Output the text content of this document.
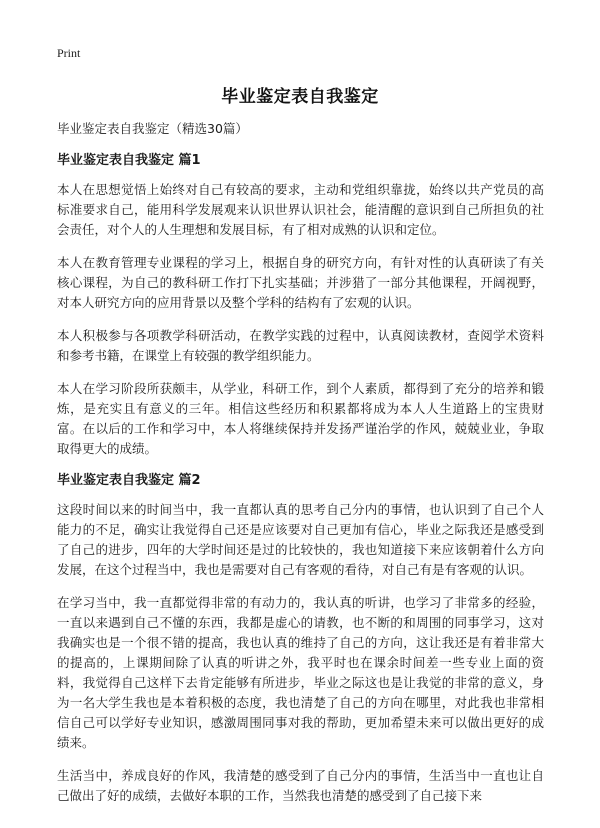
Print
毕业鉴定表自我鉴定
毕业鉴定表自我鉴定（精选30篇）
毕业鉴定表自我鉴定 篇1

本人在思想觉悟上始终对自己有较高的要求，主动和党组织靠拢，始终以共产党员的高标准要求自己，能用科学发展观来认识世界认识社会，能清醒的意识到自己所担负的社会责任，对个人的人生理想和发展目标，有了相对成熟的认识和定位。

本人在教育管理专业课程的学习上，根据自身的研究方向，有针对性的认真研读了有关核心课程，为自己的教科研工作打下扎实基础；并涉猎了一部分其他课程，开阔视野，对本人研究方向的应用背景以及整个学科的结构有了宏观的认识。

本人积极参与各项教学科研活动，在教学实践的过程中，认真阅读教材，查阅学术资料和参考书籍，在课堂上有较强的教学组织能力。

本人在学习阶段所获颇丰，从学业，科研工作，到个人素质，都得到了充分的培养和锻炼，是充实且有意义的三年。相信这些经历和积累都将成为本人人生道路上的宝贵财富。在以后的工作和学习中，本人将继续保持并发扬严谨治学的作风，兢兢业业，争取取得更大的成绩。

毕业鉴定表自我鉴定 篇2

这段时间以来的时间当中，我一直都认真的思考自己分内的事情，也认识到了自己个人能力的不足，确实让我觉得自己还是应该要对自己更加有信心，毕业之际我还是感受到了自己的进步，四年的大学时间还是过的比较快的，我也知道接下来应该朝着什么方向发展，在这个过程当中，我也是需要对自己有客观的看待，对自己有是有客观的认识。

在学习当中，我一直都觉得非常的有动力的，我认真的听讲，也学习了非常多的经验，一直以来遇到自己不懂的东西，我都是虚心的请教，也不断的和周围的同事学习，这对我确实也是一个很不错的提高，我也认真的维持了自己的方向，这让我还是有着非常大的提高的，上课期间除了认真的听讲之外，我平时也在课余时间差一些专业上面的资料，我觉得自己这样下去肯定能够有所进步，毕业之际这也是让我觉的非常的意义，身为一名大学生我也是本着积极的态度，我也清楚了自己的方向在哪里，对此我也非常相信自己可以学好专业知识，感激周围同事对我的帮助，更加希望未来可以做出更好的成绩来。

生活当中，养成良好的作风，我清楚的感受到了自己分内的事情，生活当中一直也让自己做出了好的成绩，去做好本职的工作，当然我也清楚的感受到了自己接下来
